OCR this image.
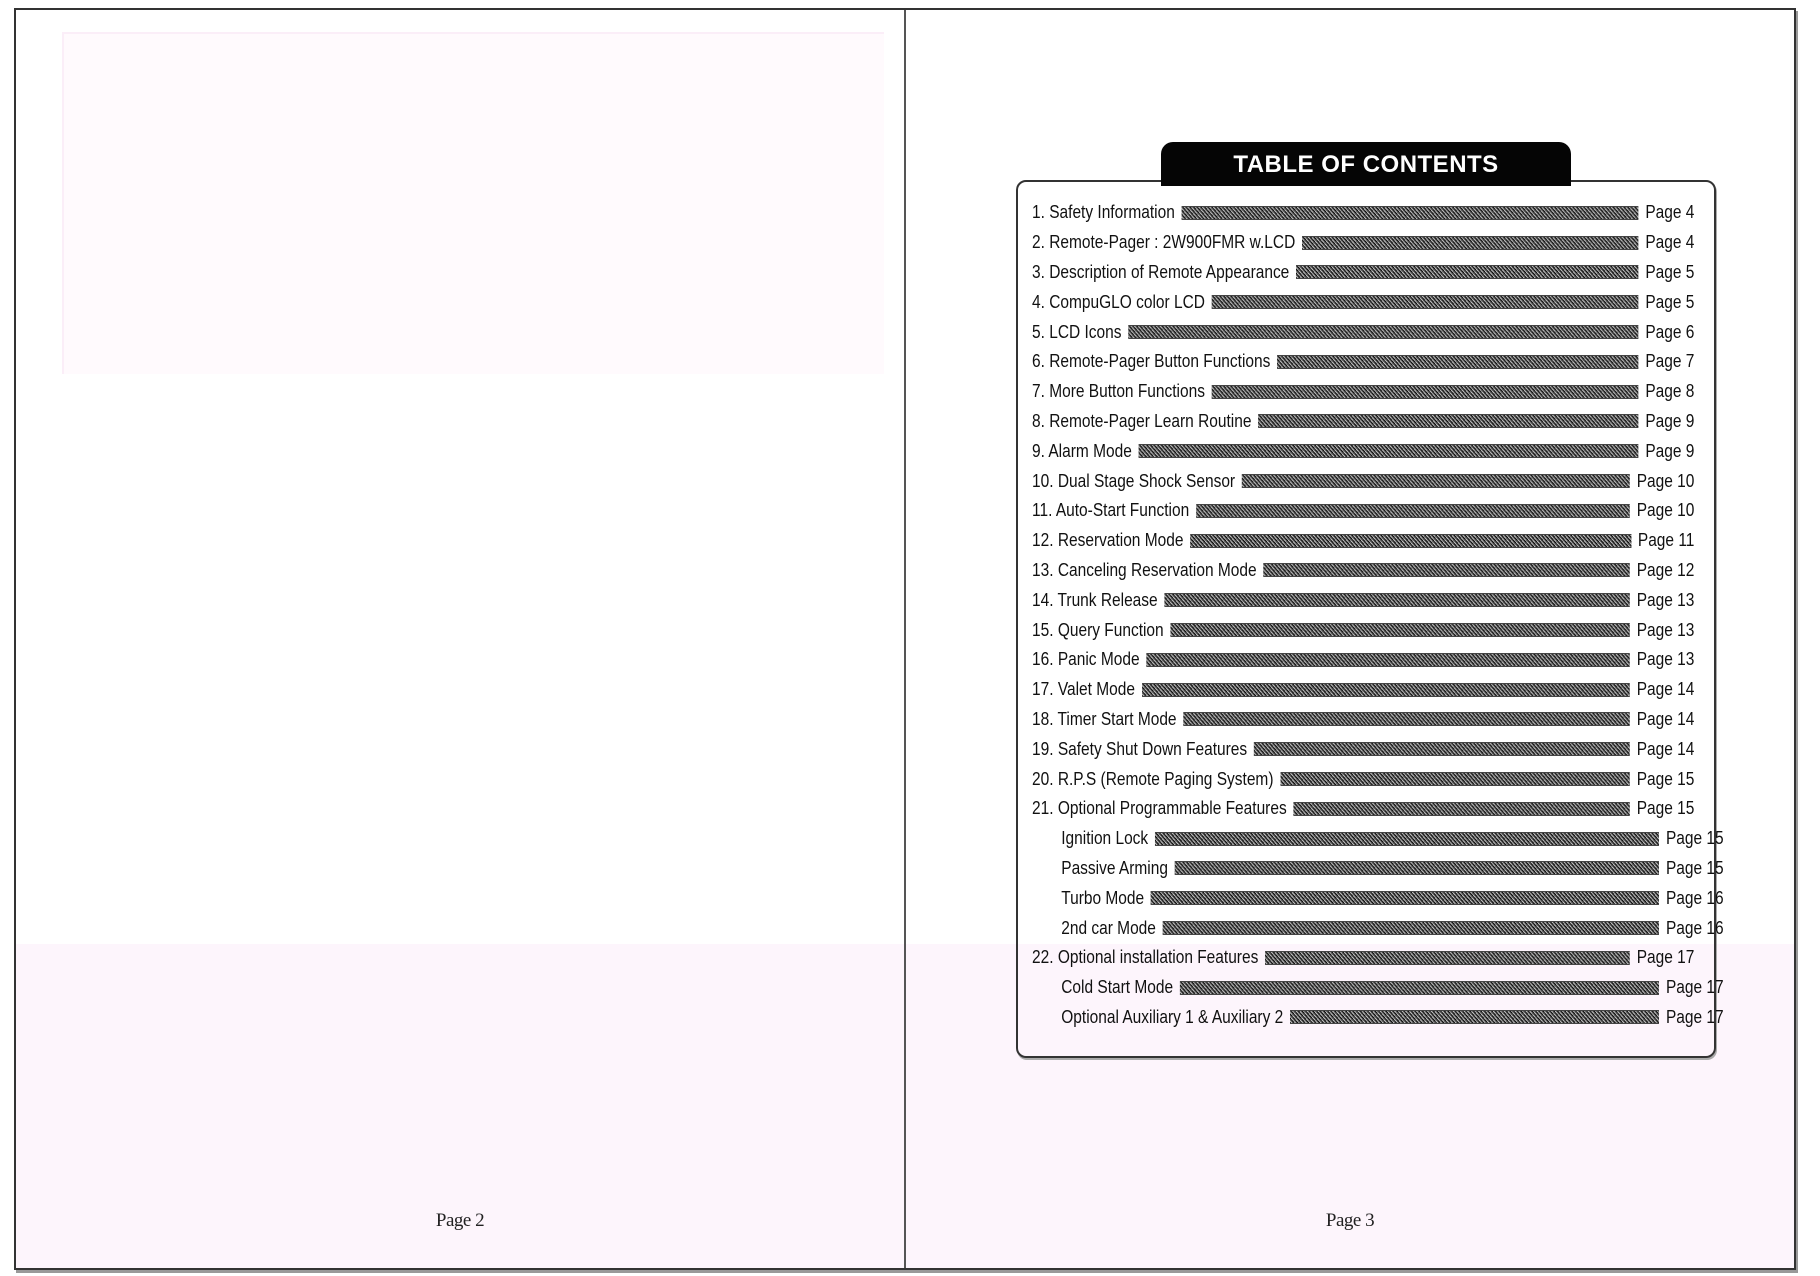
Page 2
TABLE OF CONTENTS
1. Safety Information	Page 4
2. Remote-Pager : 2W900FMR w.LCD	Page 4
3. Description of Remote Appearance	Page 5
4. CompuGLO color LCD	Page 5
5. LCD Icons	Page 6
6. Remote-Pager Button Functions	Page 7
7. More Button Functions	Page 8
8. Remote-Pager Learn Routine	Page 9
9. Alarm Mode	Page 9
10. Dual Stage Shock Sensor	Page 10
11. Auto-Start Function	Page 10
12. Reservation Mode	Page 11
13. Canceling Reservation Mode	Page 12
14. Trunk Release	Page 13
15. Query Function	Page 13
16. Panic Mode	Page 13
17. Valet Mode	Page 14
18. Timer Start Mode	Page 14
19. Safety Shut Down Features	Page 14
20. R.P.S (Remote Paging System)	Page 15
21. Optional Programmable Features	Page 15
Ignition Lock	Page 15
Passive Arming	Page 15
Turbo Mode	Page 16
2nd car Mode	Page 16
22. Optional installation Features	Page 17
Cold Start Mode	Page 17
Optional Auxiliary 1 & Auxiliary 2	Page 17
Page 3
